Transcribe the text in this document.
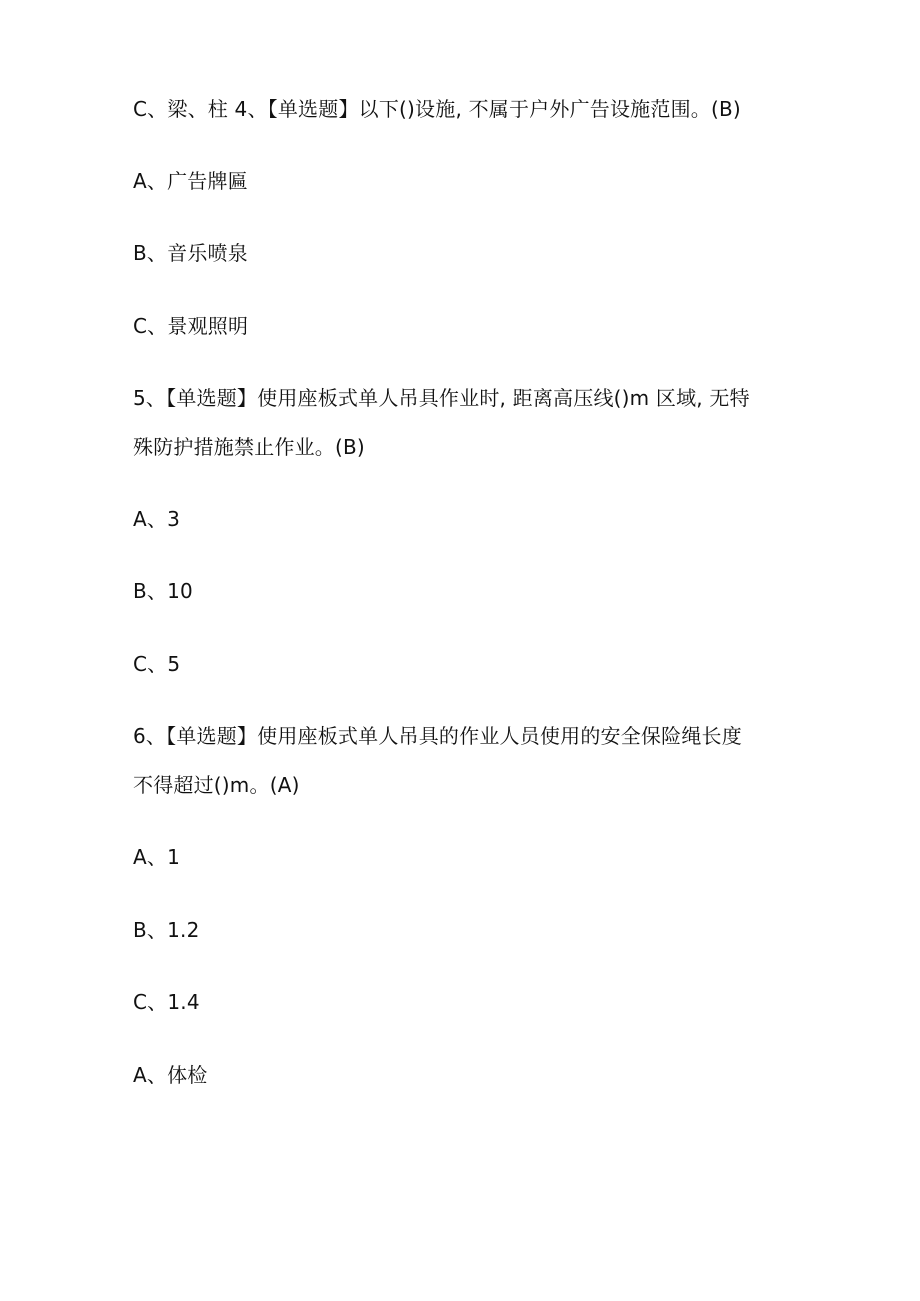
C、梁、柱 4、【单选题】以下()设施, 不属于户外广告设施范围。(B)
A、广告牌匾
B、音乐喷泉
C、景观照明
5、【单选题】使用座板式单人吊具作业时, 距离高压线()m 区域, 无特
殊防护措施禁止作业。(B)
A、3
B、10
C、5
6、【单选题】使用座板式单人吊具的作业人员使用的安全保险绳长度
不得超过()m。(A)
A、1
B、1.2
C、1.4
A、体检
